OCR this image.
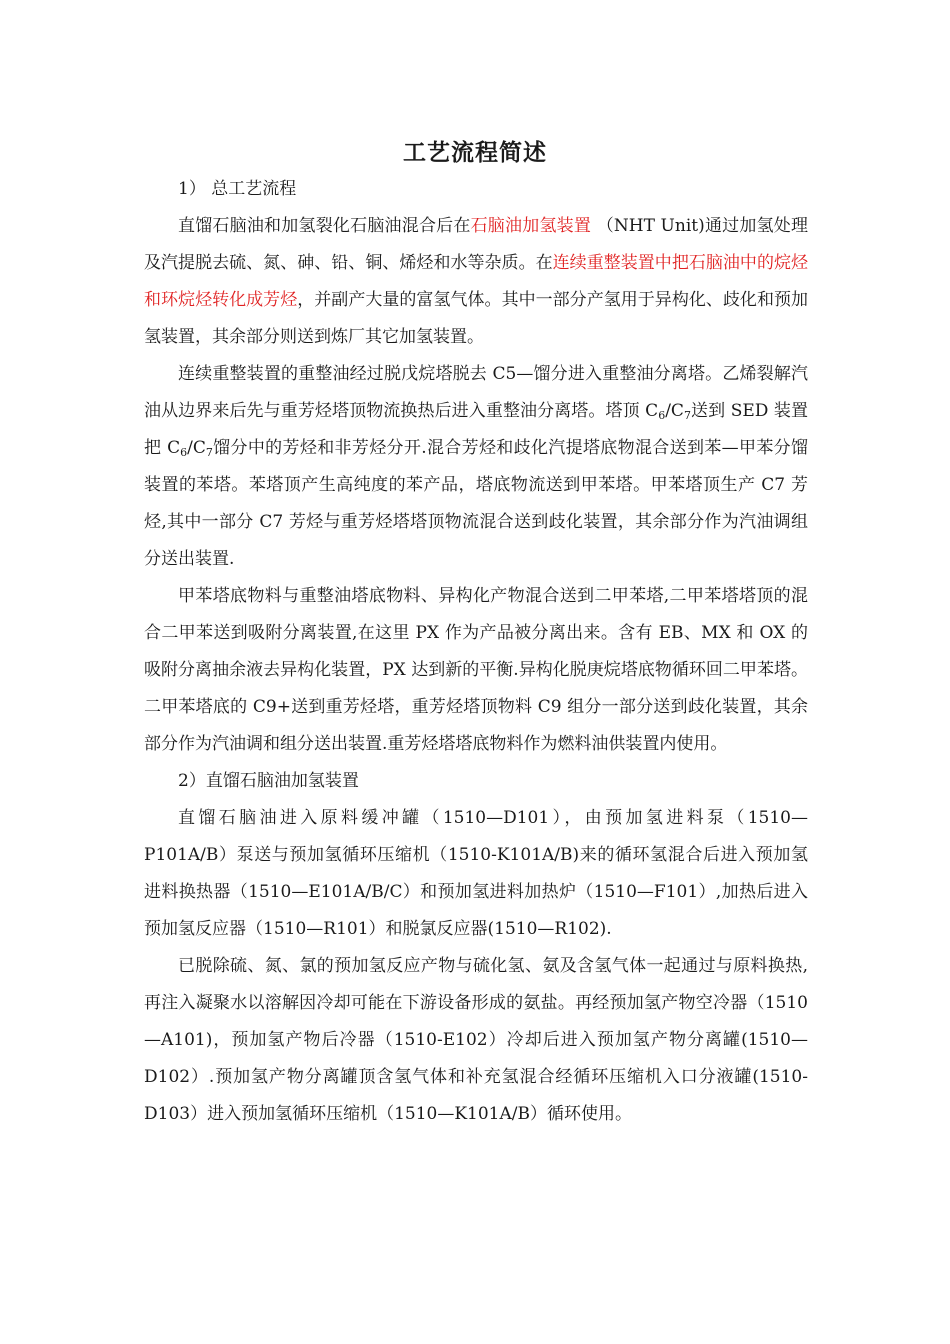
工艺流程简述

1） 总工艺流程

直馏石脑油和加氢裂化石脑油混合后在石脑油加氢装置 （NHT Unit)通过加氢处理及汽提脱去硫、氮、砷、铅、铜、烯烃和水等杂质。在连续重整装置中把石脑油中的烷烃和环烷烃转化成芳烃，并副产大量的富氢气体。其中一部分产氢用于异构化、歧化和预加氢装置，其余部分则送到炼厂其它加氢装置。

连续重整装置的重整油经过脱戊烷塔脱去 C5—馏分进入重整油分离塔。乙烯裂解汽油从边界来后先与重芳烃塔顶物流换热后进入重整油分离塔。塔顶 $C_6/C_7$送到 SED 装置把 $C_6/C_7$馏分中的芳烃和非芳烃分开.混合芳烃和歧化汽提塔底物混合送到苯—甲苯分馏装置的苯塔。苯塔顶产生高纯度的苯产品，塔底物流送到甲苯塔。甲苯塔顶生产 C7 芳烃,其中一部分 C7 芳烃与重芳烃塔塔顶物流混合送到歧化装置，其余部分作为汽油调组分送出装置.

甲苯塔底物料与重整油塔底物料、异构化产物混合送到二甲苯塔,二甲苯塔塔顶的混合二甲苯送到吸附分离装置,在这里 PX 作为产品被分离出来。含有 EB、MX 和 OX 的吸附分离抽余液去异构化装置，PX 达到新的平衡.异构化脱庚烷塔底物循环回二甲苯塔。二甲苯塔底的 C9+送到重芳烃塔，重芳烃塔顶物料 C9 组分一部分送到歧化装置，其余部分作为汽油调和组分送出装置.重芳烃塔塔底物料作为燃料油供装置内使用。

2）直馏石脑油加氢装置

直馏石脑油进入原料缓冲罐（1510—D101），由预加氢进料泵（1510—P101A/B）泵送与预加氢循环压缩机（1510-K101A/B)来的循环氢混合后进入预加氢进料换热器（1510—E101A/B/C）和预加氢进料加热炉（1510—F101）,加热后进入预加氢反应器（1510—R101）和脱氯反应器(1510—R102).

已脱除硫、氮、氯的预加氢反应产物与硫化氢、氨及含氢气体一起通过与原料换热,再注入凝聚水以溶解因冷却可能在下游设备形成的氨盐。再经预加氢产物空冷器（1510—A101)，预加氢产物后冷器（1510-E102）冷却后进入预加氢产物分离罐(1510—D102）.预加氢产物分离罐顶含氢气体和补充氢混合经循环压缩机入口分液罐(1510-D103）进入预加氢循环压缩机（1510—K101A/B）循环使用。
